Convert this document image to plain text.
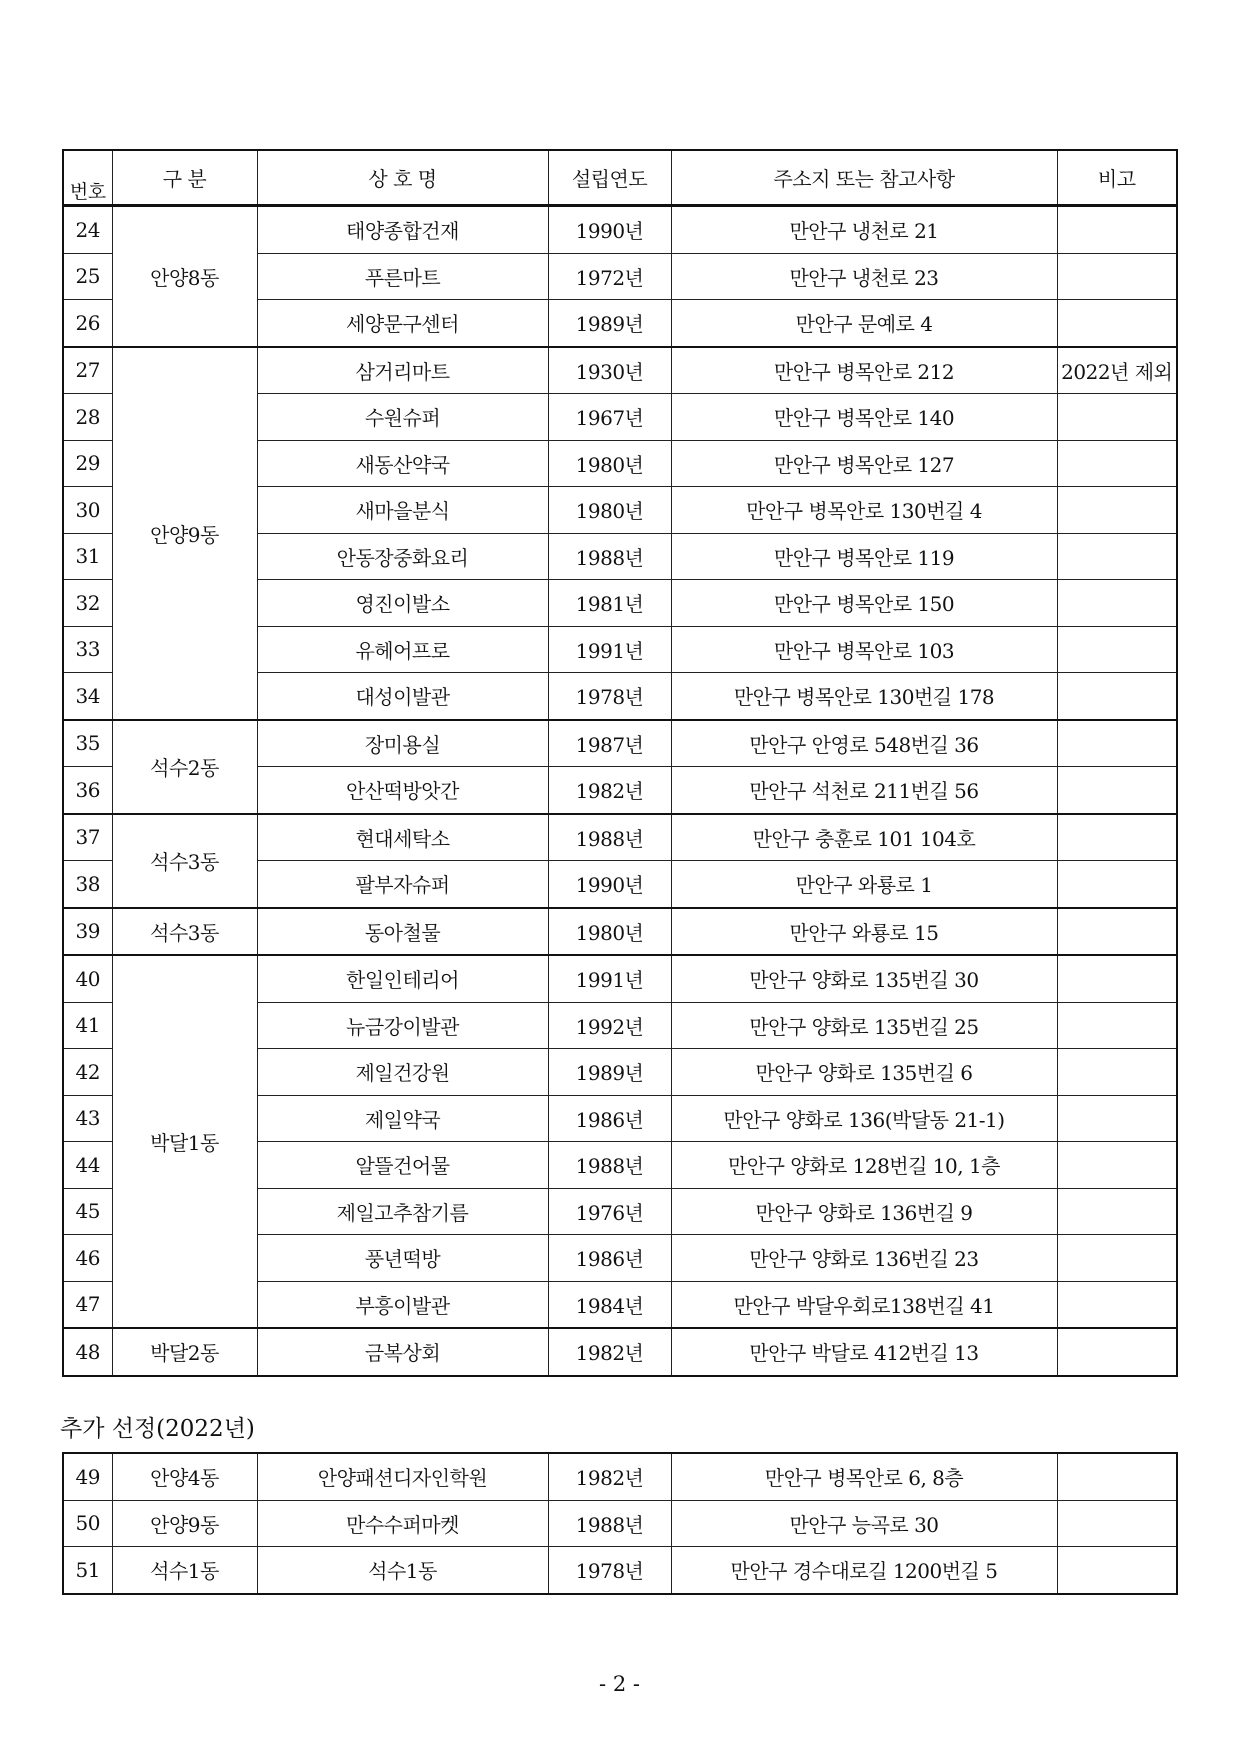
번호	구 분	상 호 명	설립연도	주소지 또는 참고사항	비고
24	안양8동	태양종합건재	1990년	만안구 냉천로 21	
25		푸른마트	1972년	만안구 냉천로 23	
26		세양문구센터	1989년	만안구 문예로 4	
27	안양9동	삼거리마트	1930년	만안구 병목안로 212	2022년 제외
28		수원슈퍼	1967년	만안구 병목안로 140	
29		새동산약국	1980년	만안구 병목안로 127	
30		새마을분식	1980년	만안구 병목안로 130번길 4	
31		안동장중화요리	1988년	만안구 병목안로 119	
32		영진이발소	1981년	만안구 병목안로 150	
33		유헤어프로	1991년	만안구 병목안로 103	
34		대성이발관	1978년	만안구 병목안로 130번길 178	
35	석수2동	장미용실	1987년	만안구 안영로 548번길 36	
36		안산떡방앗간	1982년	만안구 석천로 211번길 56	
37	석수3동	현대세탁소	1988년	만안구 충훈로 101 104호	
38		팔부자슈퍼	1990년	만안구 와룡로 1	
39	석수3동	동아철물	1980년	만안구 와룡로 15	
40	박달1동	한일인테리어	1991년	만안구 양화로 135번길 30	
41		뉴금강이발관	1992년	만안구 양화로 135번길 25	
42		제일건강원	1989년	만안구 양화로 135번길 6	
43		제일약국	1986년	만안구 양화로 136(박달동 21-1)	
44		알뜰건어물	1988년	만안구 양화로 128번길 10, 1층	
45		제일고추참기름	1976년	만안구 양화로 136번길 9	
46		풍년떡방	1986년	만안구 양화로 136번길 23	
47		부흥이발관	1984년	만안구 박달우회로138번길 41	
48	박달2동	금복상회	1982년	만안구 박달로 412번길 13	
추가 선정(2022년)
49	안양4동	안양패션디자인학원	1982년	만안구 병목안로 6, 8층	
50	안양9동	만수수퍼마켓	1988년	만안구 능곡로 30	
51	석수1동	석수1동	1978년	만안구 경수대로길 1200번길 5	
- 2 -
